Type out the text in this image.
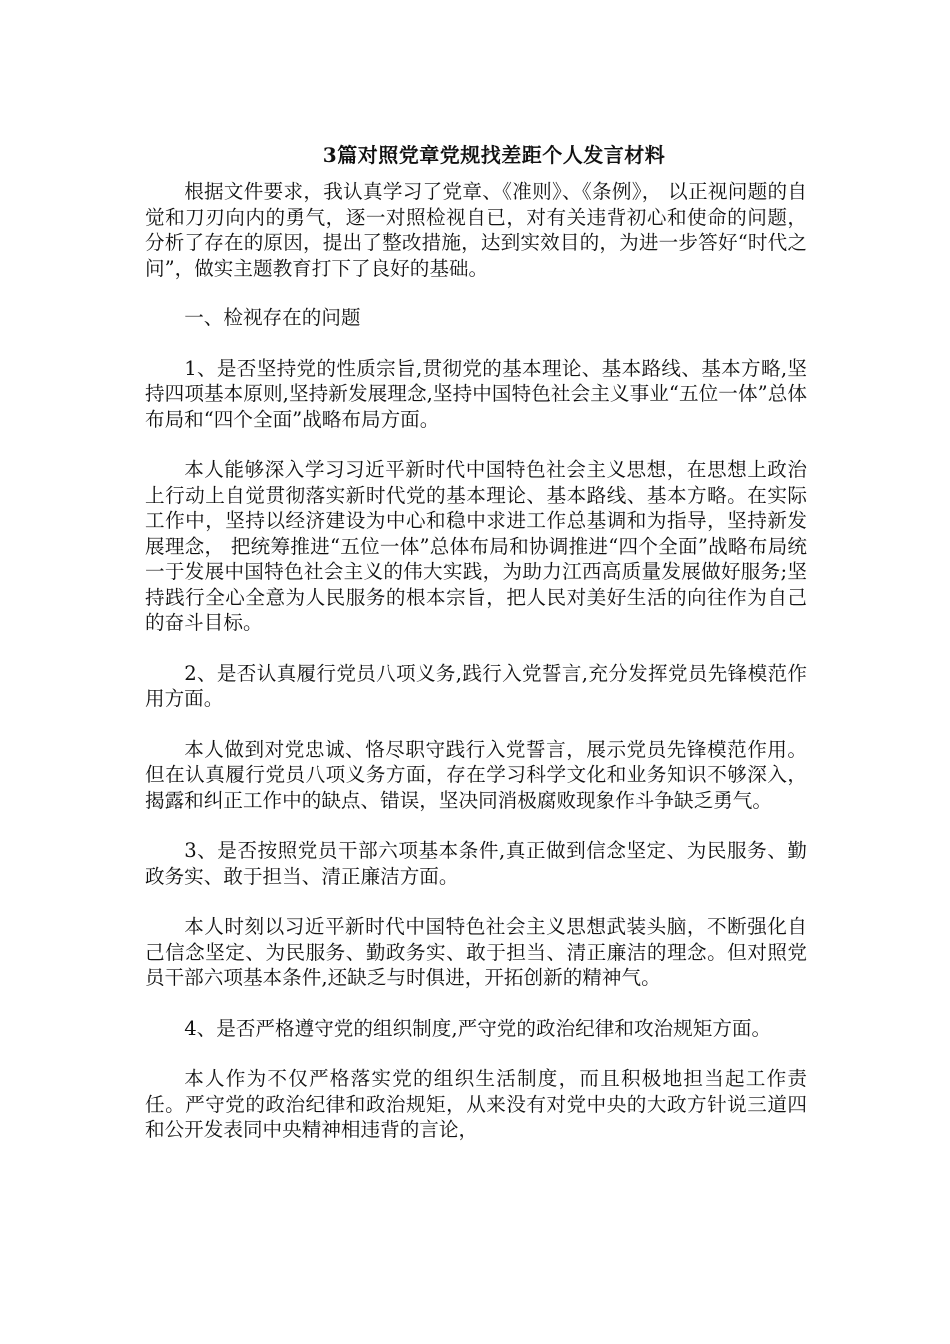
3篇对照党章党规找差距个人发言材料

根据文件要求，我认真学习了党章、《准则》、《条例》， 以正视问题的自觉和刀刃向内的勇气，逐一对照检视自已，对有关违背初心和使命的问题，分析了存在的原因，提出了整改措施，达到实效目的，为进一步答好“时代之问”，做实主题教育打下了良好的基础。

一、检视存在的问题

1、是否坚持党的性质宗旨,贯彻党的基本理论、基本路线、基本方略,坚持四项基本原则,坚持新发展理念,坚持中国特色社会主义事业“五位一体”总体布局和“四个全面”战略布局方面。

本人能够深入学习习近平新时代中国特色社会主义思想，在思想上政治上行动上自觉贯彻落实新时代党的基本理论、基本路线、基本方略。在实际工作中，坚持以经济建设为中心和稳中求进工作总基调和为指导，坚持新发展理念， 把统筹推进“五位一体”总体布局和协调推进“四个全面”战略布局统一于发展中国特色社会主义的伟大实践，为助力江西高质量发展做好服务;坚持践行全心全意为人民服务的根本宗旨，把人民对美好生活的向往作为自己的奋斗目标。

2、是否认真履行党员八项义务,践行入党誓言,充分发挥党员先锋模范作用方面。

本人做到对党忠诚、恪尽职守践行入党誓言，展示党员先锋模范作用。但在认真履行党员八项义务方面，存在学习科学文化和业务知识不够深入，揭露和纠正工作中的缺点、错误，坚决同消极腐败现象作斗争缺乏勇气。

3、是否按照党员干部六项基本条件,真正做到信念坚定、为民服务、勤政务实、敢于担当、清正廉洁方面。

本人时刻以习近平新时代中国特色社会主义思想武装头脑，不断强化自己信念坚定、为民服务、勤政务实、敢于担当、清正廉洁的理念。但对照党员干部六项基本条件,还缺乏与时俱进，开拓创新的精神气。

4、是否严格遵守党的组织制度,严守党的政治纪律和攻治规矩方面。

本人作为不仅严格落实党的组织生活制度，而且积极地担当起工作责任。严守党的政治纪律和政治规矩，从来没有对党中央的大政方针说三道四和公开发表同中央精神相违背的言论，
